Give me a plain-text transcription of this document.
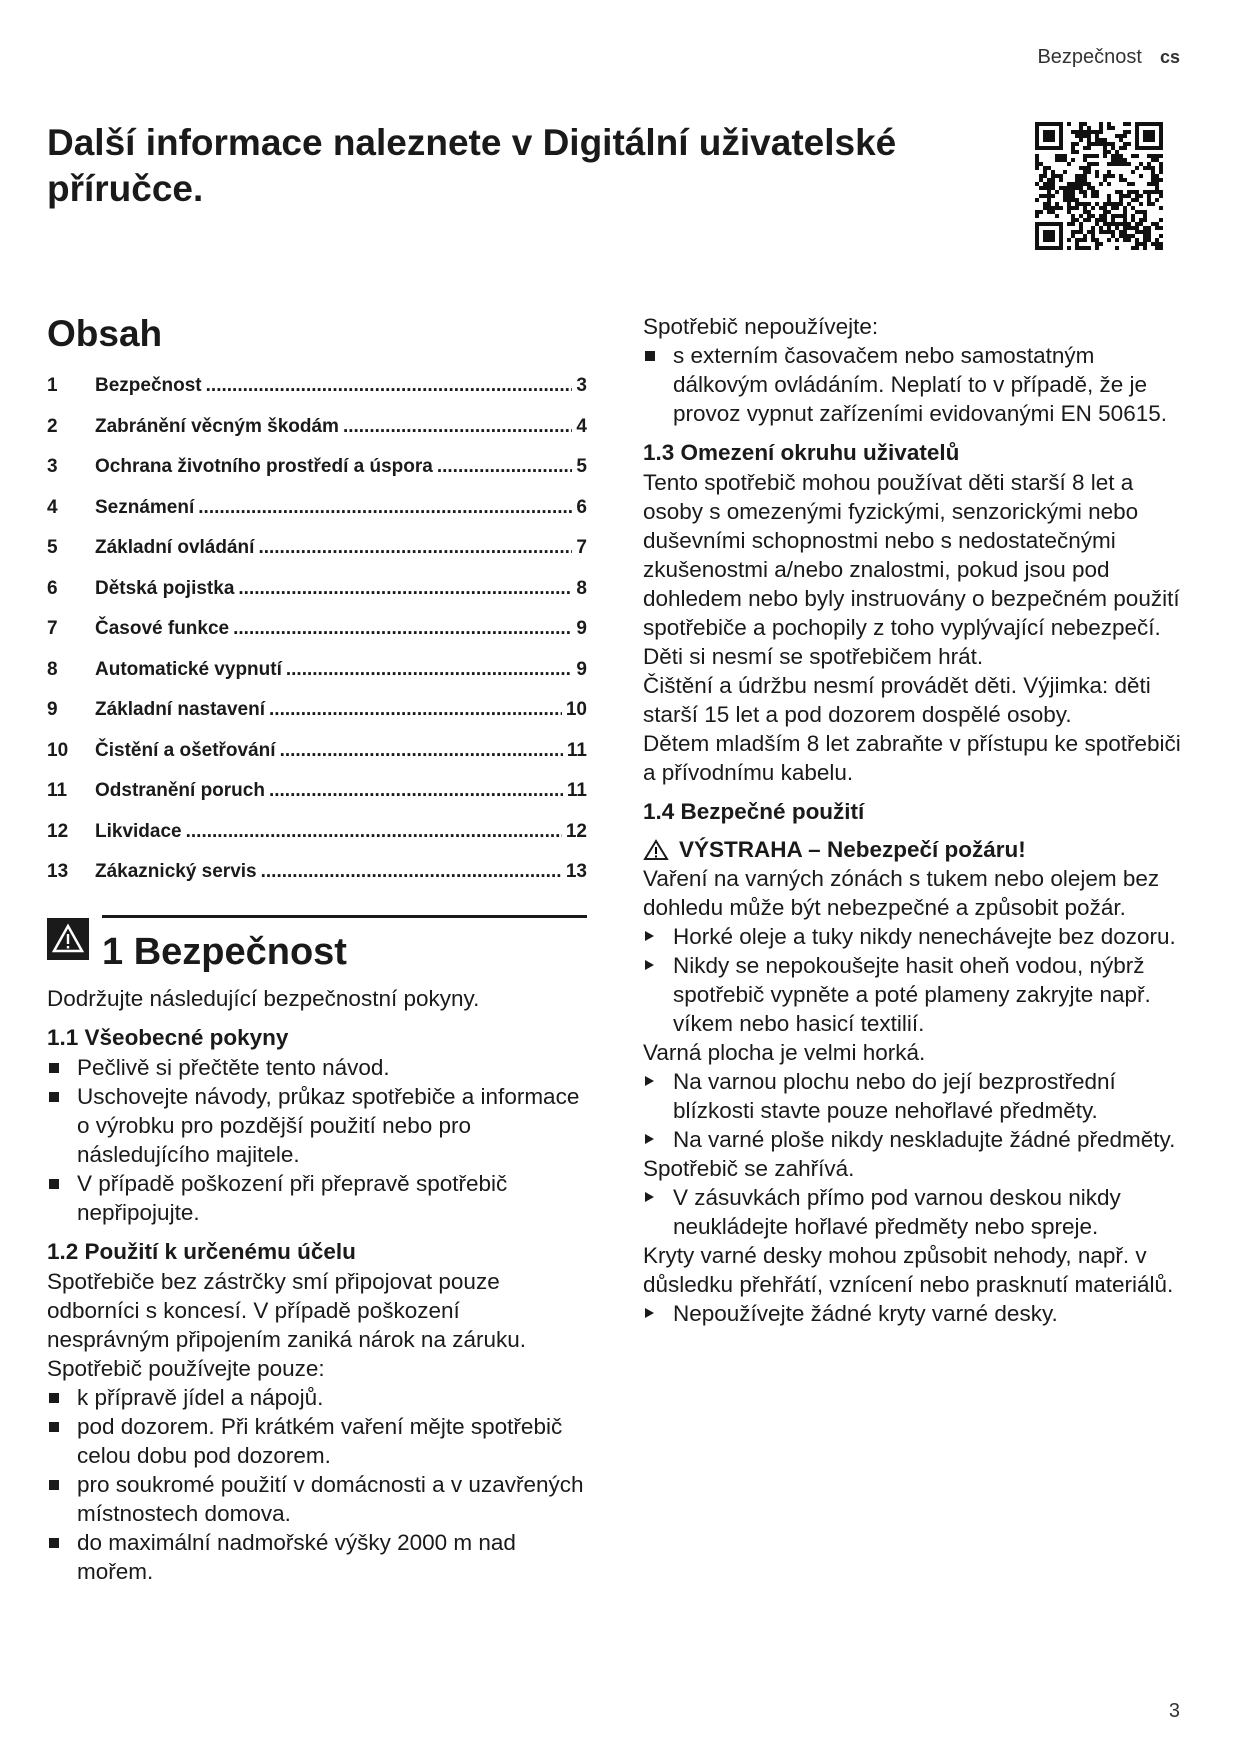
Bezpečnost cs
Další informace naleznete v Digitální uživatelské příručce.
Obsah
1	Bezpečnost .....	3
2	Zabránění věcným škodám .....	4
3	Ochrana životního prostředí a úspora .....	5
4	Seznámení .....	6
5	Základní ovládání .....	7
6	Dětská pojistka .....	8
7	Časové funkce .....	9
8	Automatické vypnutí .....	9
9	Základní nastavení .....	10
10	Čistění a ošetřování .....	11
11	Odstranění poruch .....	11
12	Likvidace .....	12
13	Zákaznický servis .....	13
1 Bezpečnost

Dodržujte následující bezpečnostní pokyny.

1.1 Všeobecné pokyny
Pečlivě si přečtěte tento návod.
Uschovejte návody, průkaz spotřebiče a informace o výrobku pro pozdější použití nebo pro následujícího majitele.
V případě poškození při přepravě spotřebič nepřipojujte.
1.2 Použití k určenému účelu

Spotřebiče bez zástrčky smí připojovat pouze odborníci s koncesí. V případě poškození nesprávným připojením zaniká nárok na záruku.

Spotřebič používejte pouze:

k přípravě jídel a nápojů.
pod dozorem. Při krátkém vaření mějte spotřebič celou dobu pod dozorem.
pro soukromé použití v domácnosti a v uzavřených místnostech domova.
do maximální nadmořské výšky 2000 m nad mořem.

Spotřebič nepoužívejte:

s externím časovačem nebo samostatným dálkovým ovládáním. Neplatí to v případě, že je provoz vypnut zařízeními evidovanými EN 50615.
1.3 Omezení okruhu uživatelů

Tento spotřebič mohou používat děti starší 8 let a osoby s omezenými fyzickými, senzorickými nebo duševními schopnostmi nebo s nedostatečnými zkušenostmi a/nebo znalostmi, pokud jsou pod dohledem nebo byly instruovány o bezpečném použití spotřebiče a pochopily z toho vyplývající nebezpečí.

Děti si nesmí se spotřebičem hrát.

Čištění a údržbu nesmí provádět děti. Výjimka: děti starší 15 let a pod dozorem dospělé osoby.

Dětem mladším 8 let zabraňte v přístupu ke spotřebiči a přívodnímu kabelu.

1.4 Bezpečné použití
VÝSTRAHA – Nebezpečí požáru!

Vaření na varných zónách s tukem nebo olejem bez dohledu může být nebezpečné a způsobit požár.

Horké oleje a tuky nikdy nenechávejte bez dozoru.
Nikdy se nepokoušejte hasit oheň vodou, nýbrž spotřebič vypněte a poté plameny zakryjte např. víkem nebo hasicí textilií.

Varná plocha je velmi horká.

Na varnou plochu nebo do její bezprostřední blízkosti stavte pouze nehořlavé předměty.
Na varné ploše nikdy neskladujte žádné předměty.

Spotřebič se zahřívá.

V zásuvkách přímo pod varnou deskou nikdy neukládejte hořlavé předměty nebo spreje.

Kryty varné desky mohou způsobit nehody, např. v důsledku přehřátí, vznícení nebo prasknutí materiálů.

Nepoužívejte žádné kryty varné desky.
3
